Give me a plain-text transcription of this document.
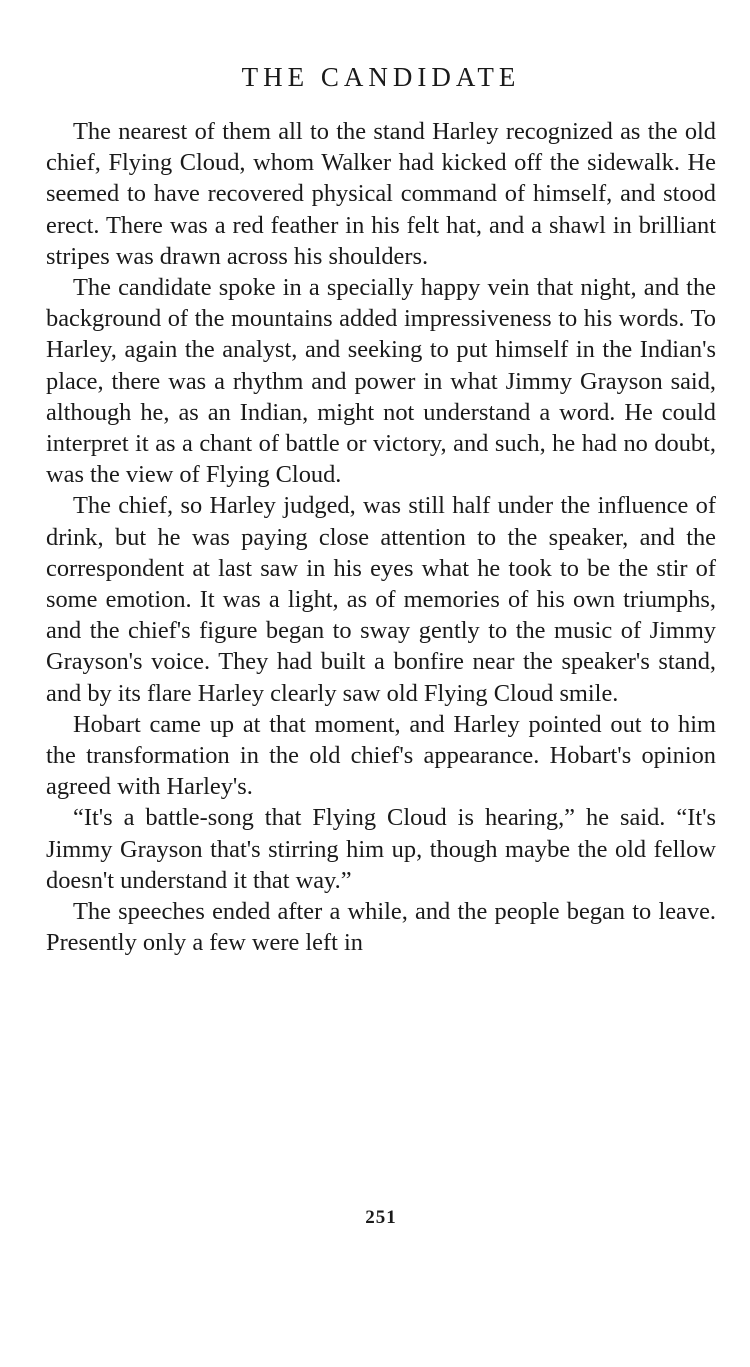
THE CANDIDATE

The nearest of them all to the stand Harley recognized as the old chief, Flying Cloud, whom Walker had kicked off the sidewalk. He seemed to have recovered physical command of himself, and stood erect. There was a red feather in his felt hat, and a shawl in brilliant stripes was drawn across his shoulders.

The candidate spoke in a specially happy vein that night, and the background of the mountains added impressiveness to his words. To Harley, again the analyst, and seeking to put himself in the Indian's place, there was a rhythm and power in what Jimmy Grayson said, although he, as an Indian, might not understand a word. He could interpret it as a chant of battle or victory, and such, he had no doubt, was the view of Flying Cloud.

The chief, so Harley judged, was still half under the influence of drink, but he was paying close attention to the speaker, and the correspondent at last saw in his eyes what he took to be the stir of some emotion. It was a light, as of memories of his own triumphs, and the chief's figure began to sway gently to the music of Jimmy Grayson's voice. They had built a bonfire near the speaker's stand, and by its flare Harley clearly saw old Flying Cloud smile.

Hobart came up at that moment, and Harley pointed out to him the transformation in the old chief's appearance. Hobart's opinion agreed with Harley's.

“It's a battle-song that Flying Cloud is hearing,” he said. “It's Jimmy Grayson that's stirring him up, though maybe the old fellow doesn't understand it that way.”

The speeches ended after a while, and the people began to leave. Presently only a few were left in

251
